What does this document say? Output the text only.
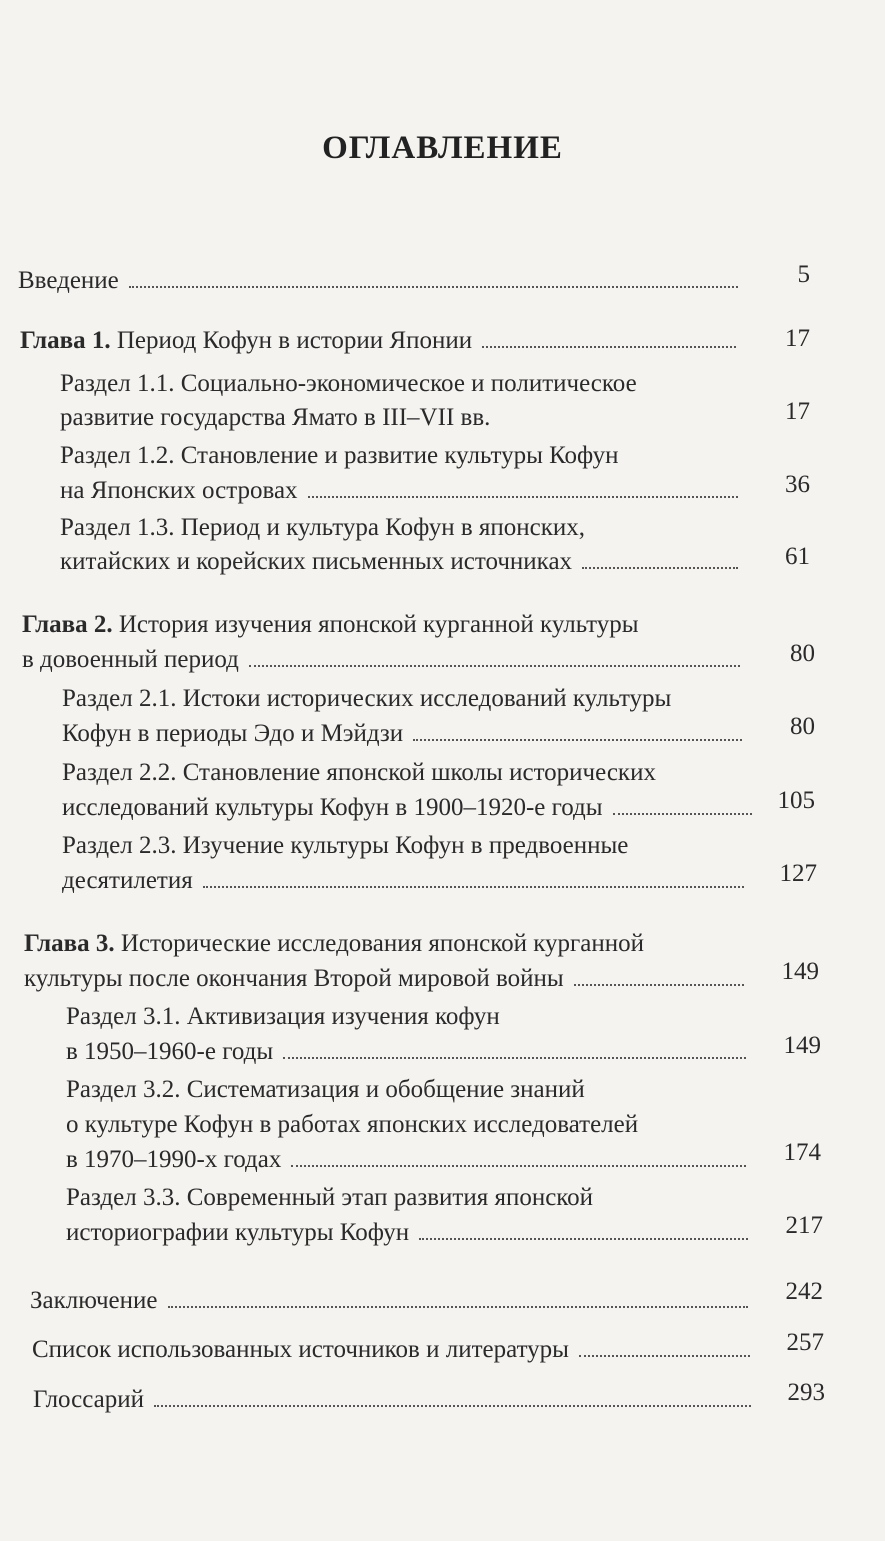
ОГЛАВЛЕНИЕ
Введение	5
Глава 1. Период Кофун в истории Японии	17
Раздел 1.1. Социально-экономическое и политическое
развитие государства Ямато в III–VII вв.	17
Раздел 1.2. Становление и развитие культуры Кофун
на Японских островах	36
Раздел 1.3. Период и культура Кофун в японских,
китайских и корейских письменных источниках	61
Глава 2. История изучения японской курганной культуры
в довоенный период	80
Раздел 2.1. Истоки исторических исследований культуры
Кофун в периоды Эдо и Мэйдзи	80
Раздел 2.2. Становление японской школы исторических
исследований культуры Кофун в 1900–1920-е годы	105
Раздел 2.3. Изучение культуры Кофун в предвоенные
десятилетия	127
Глава 3. Исторические исследования японской курганной
культуры после окончания Второй мировой войны	149
Раздел 3.1. Активизация изучения кофун
в 1950–1960-е годы	149
Раздел 3.2. Систематизация и обобщение знаний
о культуре Кофун в работах японских исследователей
в 1970–1990-х годах	174
Раздел 3.3. Современный этап развития японской
историографии культуры Кофун	217
Заключение	242
Список использованных источников и литературы	257
Глоссарий	293
